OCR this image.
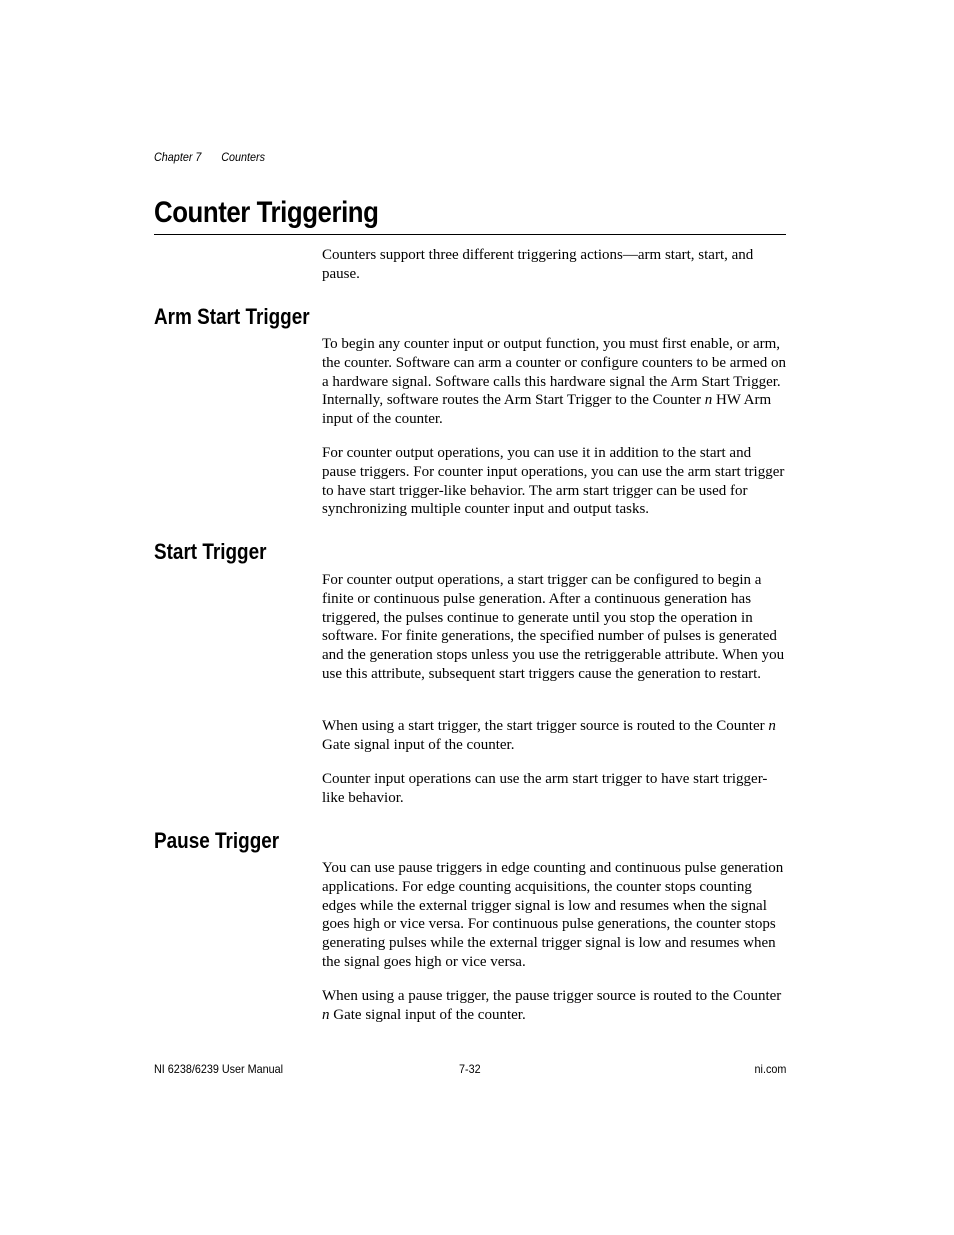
Chapter 7 Counters
Counter Triggering

Counters support three different triggering actions—arm start, start, and pause.

Arm Start Trigger

To begin any counter input or output function, you must first enable, or arm, the counter. Software can arm a counter or configure counters to be armed on a hardware signal. Software calls this hardware signal the Arm Start Trigger. Internally, software routes the Arm Start Trigger to the Counter n HW Arm input of the counter.

For counter output operations, you can use it in addition to the start and pause triggers. For counter input operations, you can use the arm start trigger to have start trigger-like behavior. The arm start trigger can be used for synchronizing multiple counter input and output tasks.

Start Trigger

For counter output operations, a start trigger can be configured to begin a finite or continuous pulse generation. After a continuous generation has triggered, the pulses continue to generate until you stop the operation in software. For finite generations, the specified number of pulses is generated and the generation stops unless you use the retriggerable attribute. When you use this attribute, subsequent start triggers cause the generation to restart.

When using a start trigger, the start trigger source is routed to the Counter n Gate signal input of the counter.

Counter input operations can use the arm start trigger to have start trigger-like behavior.

Pause Trigger

You can use pause triggers in edge counting and continuous pulse generation applications. For edge counting acquisitions, the counter stops counting edges while the external trigger signal is low and resumes when the signal goes high or vice versa. For continuous pulse generations, the counter stops generating pulses while the external trigger signal is low and resumes when the signal goes high or vice versa.

When using a pause trigger, the pause trigger source is routed to the Counter n Gate signal input of the counter.

NI 6238/6239 User Manual	7-32	ni.com
